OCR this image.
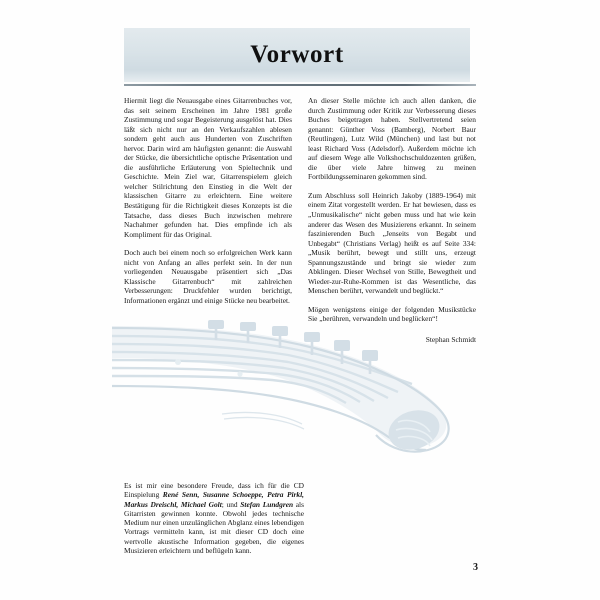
Vorwort

Hiermit liegt die Neuausgabe eines Gitarrenbuches vor, das seit seinem Erscheinen im Jahre 1981 große Zustimmung und sogar Begeisterung ausgelöst hat. Dies läßt sich nicht nur an den Verkaufszahlen ablesen sondern geht auch aus Hunderten von Zuschriften hervor. Darin wird am häufigsten genannt: die Auswahl der Stücke, die übersichtliche optische Präsentation und die ausführliche Erläuterung von Spieltechnik und Geschichte. Mein Ziel war, Gitarrenspielern gleich welcher Stilrichtung den Einstieg in die Welt der klassischen Gitarre zu erleichtern. Eine weitere Bestätigung für die Richtigkeit dieses Konzepts ist die Tatsache, dass dieses Buch inzwischen mehrere Nachahmer gefunden hat. Dies empfinde ich als Kompliment für das Original.

Doch auch bei einem noch so erfolgreichen Werk kann nicht von Anfang an alles perfekt sein. In der nun vorliegenden Neuausgabe präsentiert sich „Das Klassische Gitarrenbuch“ mit zahlreichen Verbesserungen: Druckfehler wurden berichtigt, Informationen ergänzt und einige Stücke neu bearbeitet.

An dieser Stelle möchte ich auch allen danken, die durch Zustimmung oder Kritik zur Verbesserung dieses Buches beigetragen haben. Stellvertretend seien genannt: Günther Voss (Bamberg), Norbert Baur (Reutlingen), Lutz Wild (München) und last but not least Richard Voss (Adelsdorf). Außerdem möchte ich auf diesem Wege alle Volkshochschuldozenten grüßen, die über viele Jahre hinweg zu meinen Fortbildungsseminaren gekommen sind.

Zum Abschluss soll Heinrich Jakoby (1889-1964) mit einem Zitat vorgestellt werden. Er hat bewiesen, dass es „Unmusikalische“ nicht geben muss und hat wie kein anderer das Wesen des Musizierens erkannt. In seinem faszinierenden Buch „Jenseits von Begabt und Unbegabt“ (Christians Verlag) heißt es auf Seite 334: „Musik berührt, bewegt und stillt uns, erzeugt Spannungszustände und bringt sie wieder zum Abklingen. Dieser Wechsel von Stille, Bewegtheit und Wieder-zur-Ruhe-Kommen ist das Wesentliche, das Menschen berührt, verwandelt und beglückt.“

Mögen wenigstens einige der folgenden Musikstücke Sie „berühren, verwandeln und beglücken“!

Stephan Schmidt

Es ist mir eine besondere Freude, dass ich für die CD Einspielung René Senn, Susanne Schoeppe, Petra Pirkl, Markus Dreischl, Michael Golt; und Stefan Lundgren als Gitarristen gewinnen konnte. Obwohl jedes technische Medium nur einen unzulänglichen Abglanz eines lebendigen Vortrags vermitteln kann, ist mit dieser CD doch eine wertvolle akustische Information gegeben, die eigenes Musizieren erleichtern und beflügeln kann.

3
